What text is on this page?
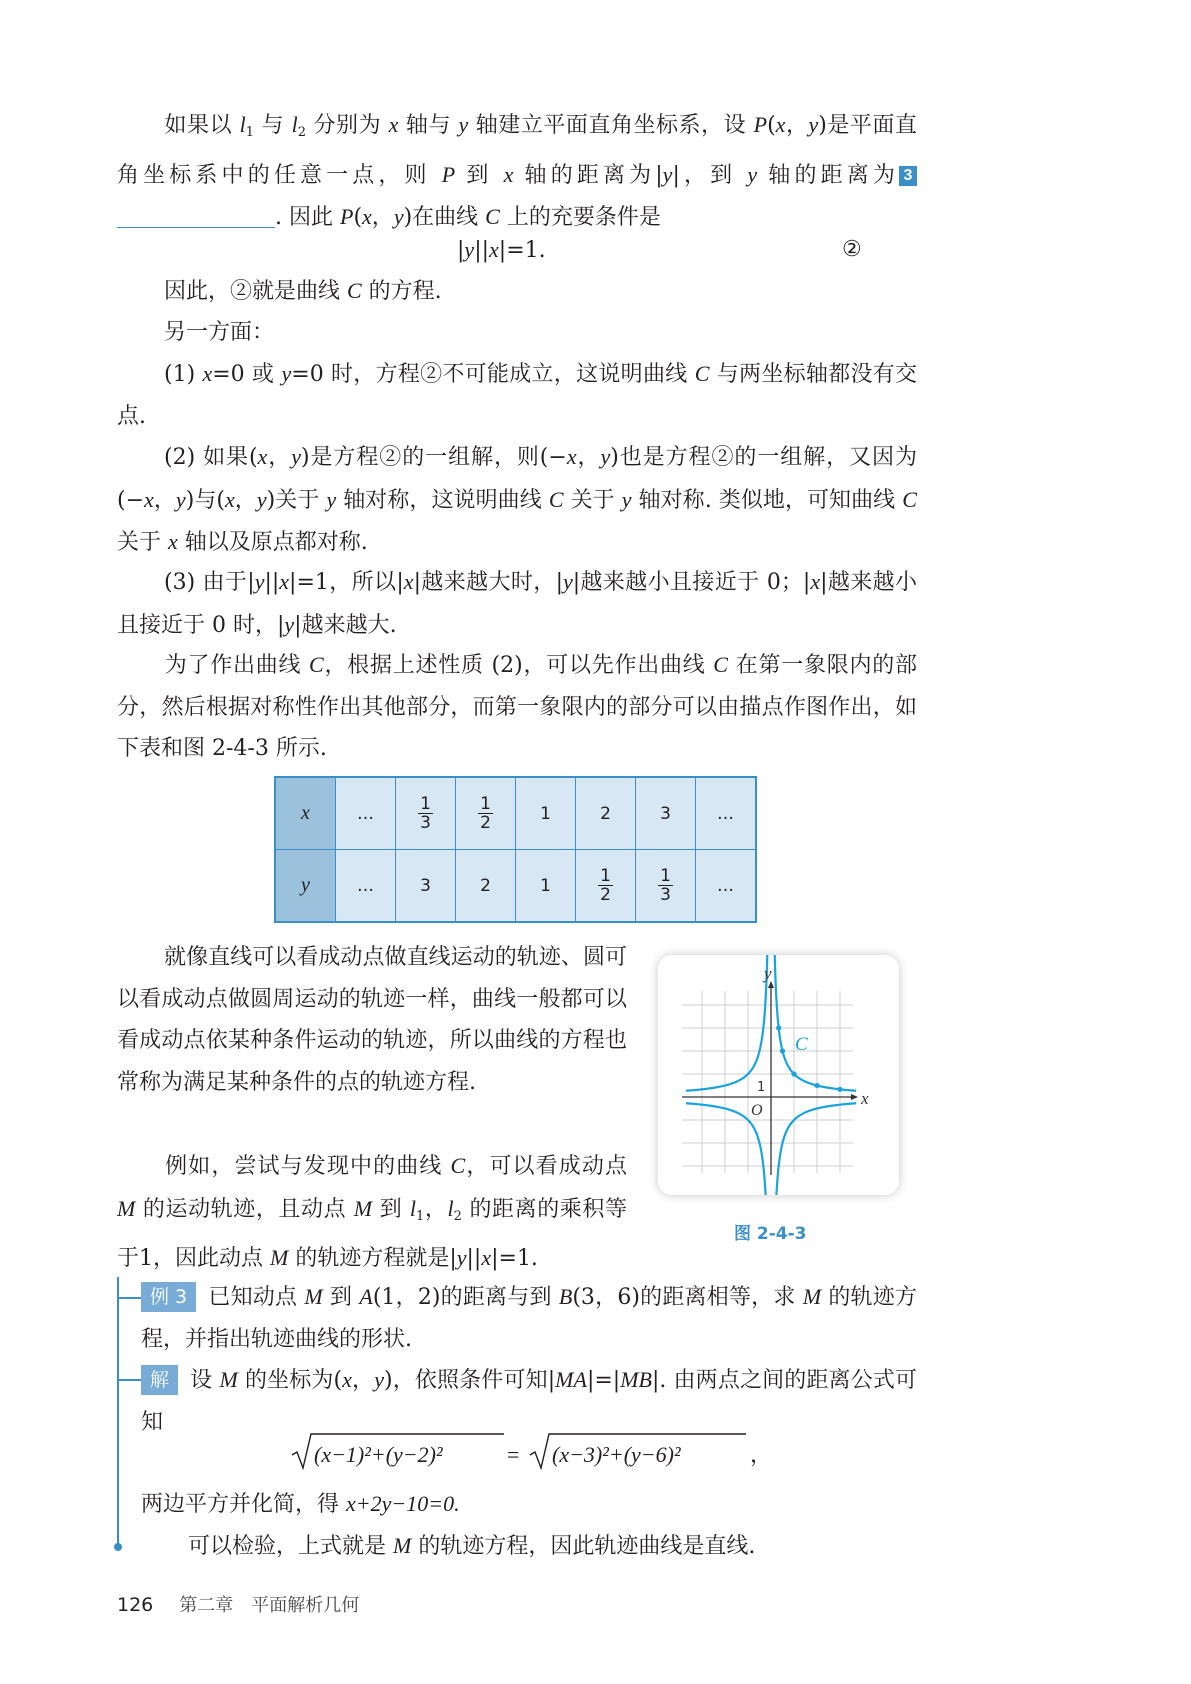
如果以 $l_1$ 与 $l_2$ 分别为 x 轴与 y 轴建立平面直角坐标系，设 P(x，y)是平面直角坐标系中的任意一点，则 P 到 x 轴的距离为|y|，到 y 轴的距离为 3. 因此 P(x，y)在曲线 C 上的充要条件是

|y||x|=1.	②

因此，②就是曲线 C 的方程.

另一方面：

(1) x=0 或 y=0 时，方程②不可能成立，这说明曲线 C 与两坐标轴都没有交点.

(2) 如果(x，y)是方程②的一组解，则(−x，y)也是方程②的一组解，又因为(−x，y)与(x，y)关于 y 轴对称，这说明曲线 C 关于 y 轴对称. 类似地，可知曲线 C 关于 x 轴以及原点都对称.

(3) 由于|y||x|=1，所以|x|越来越大时，|y|越来越小且接近于 0；|x|越来越小且接近于 0 时，|y|越来越大.

为了作出曲线 C，根据上述性质 (2)，可以先作出曲线 C 在第一象限内的部分，然后根据对称性作出其他部分，而第一象限内的部分可以由描点作图作出，如下表和图 2-4-3 所示.

x	…	$\frac{1}{3}$	$\frac{1}{2}$	1	2	3	…
y	…	3	2	1	$\frac{1}{2}$	$\frac{1}{3}$	…

就像直线可以看成动点做直线运动的轨迹、圆可以看成动点做圆周运动的轨迹一样，曲线一般都可以看成动点依某种条件运动的轨迹，所以曲线的方程也常称为满足某种条件的点的轨迹方程.

例如，尝试与发现中的曲线 C，可以看成动点 M 的运动轨迹，且动点 M 到 $l_1$，$l_2$ 的距离的乘积等于1，因此动点 M 的轨迹方程就是|y||x|=1.

x
y
O
1
C
图 2-4-3

例 3 已知动点 M 到 A(1，2)的距离与到 B(3，6)的距离相等，求 M 的轨迹方程，并指出轨迹曲线的形状.

解 设 M 的坐标为(x，y)，依照条件可知|MA|=|MB|. 由两点之间的距离公式可知

(x−1)²+(y−2)²	= (x−3)²+(y−6)²	，

两边平方并化简，得 x+2y−10=0.

可以检验，上式就是 M 的轨迹方程，因此轨迹曲线是直线.

126 第二章　平面解析几何
